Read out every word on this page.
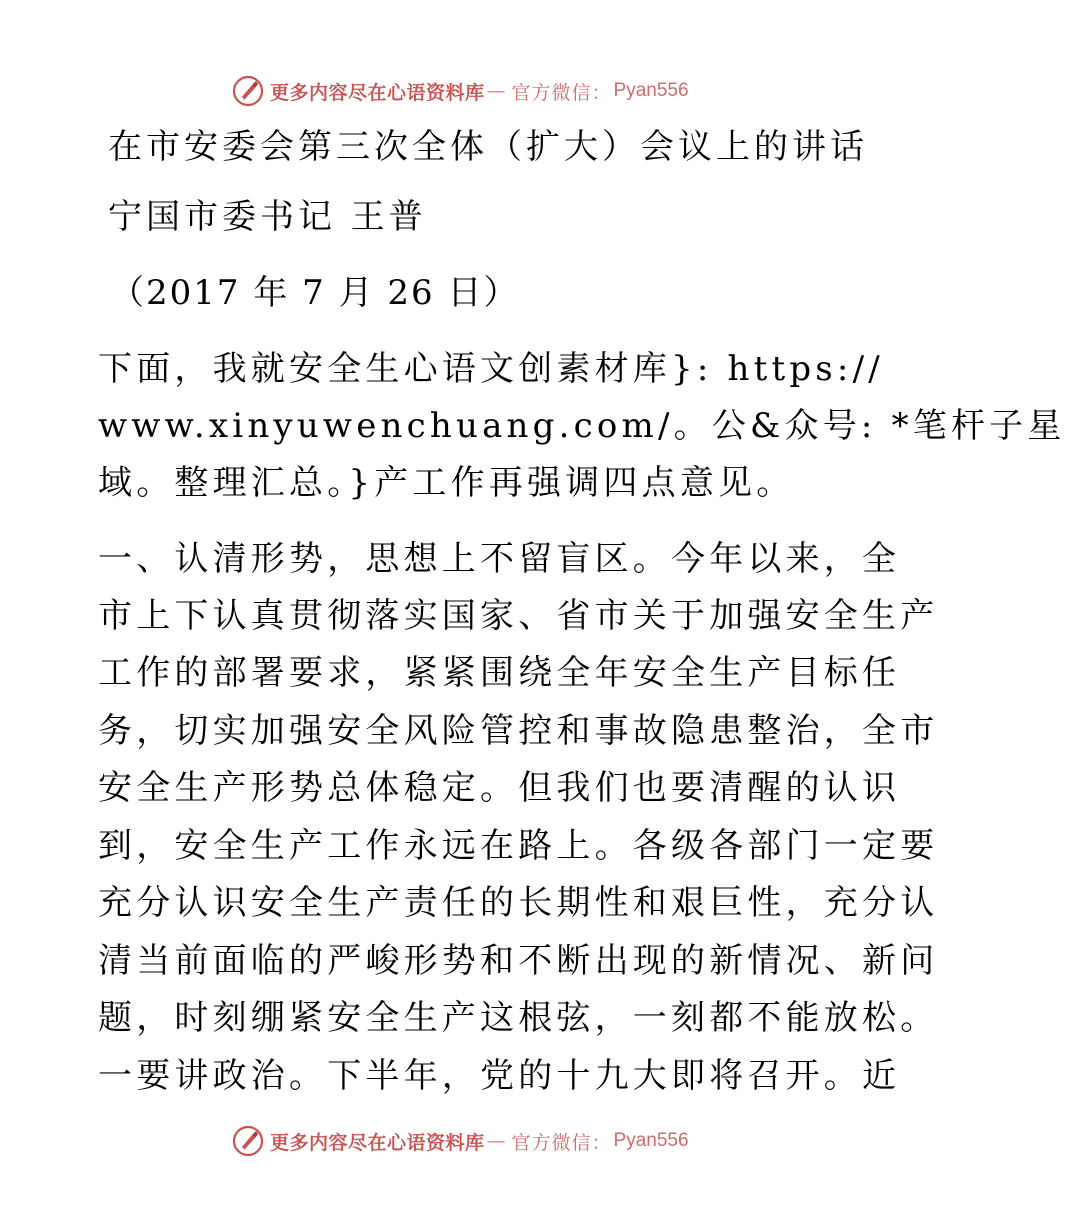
更多内容尽在心语资料库 — 官方微信： Pyan556
在市安委会第三次全体（扩大）会议上的讲话
宁国市委书记 王普
（2017 年 7 月 26 日）
下面，我就安全生心语文创素材库}: https://
www.xinyuwenchuang.com/。公&众号: *笔杆子星
域。整理汇总。}产工作再强调四点意见。
一、认清形势，思想上不留盲区。今年以来，全
市上下认真贯彻落实国家、省市关于加强安全生产
工作的部署要求，紧紧围绕全年安全生产目标任
务，切实加强安全风险管控和事故隐患整治，全市
安全生产形势总体稳定。但我们也要清醒的认识
到，安全生产工作永远在路上。各级各部门一定要
充分认识安全生产责任的长期性和艰巨性，充分认
清当前面临的严峻形势和不断出现的新情况、新问
题，时刻绷紧安全生产这根弦，一刻都不能放松。
一要讲政治。下半年，党的十九大即将召开。近
更多内容尽在心语资料库 — 官方微信： Pyan556
